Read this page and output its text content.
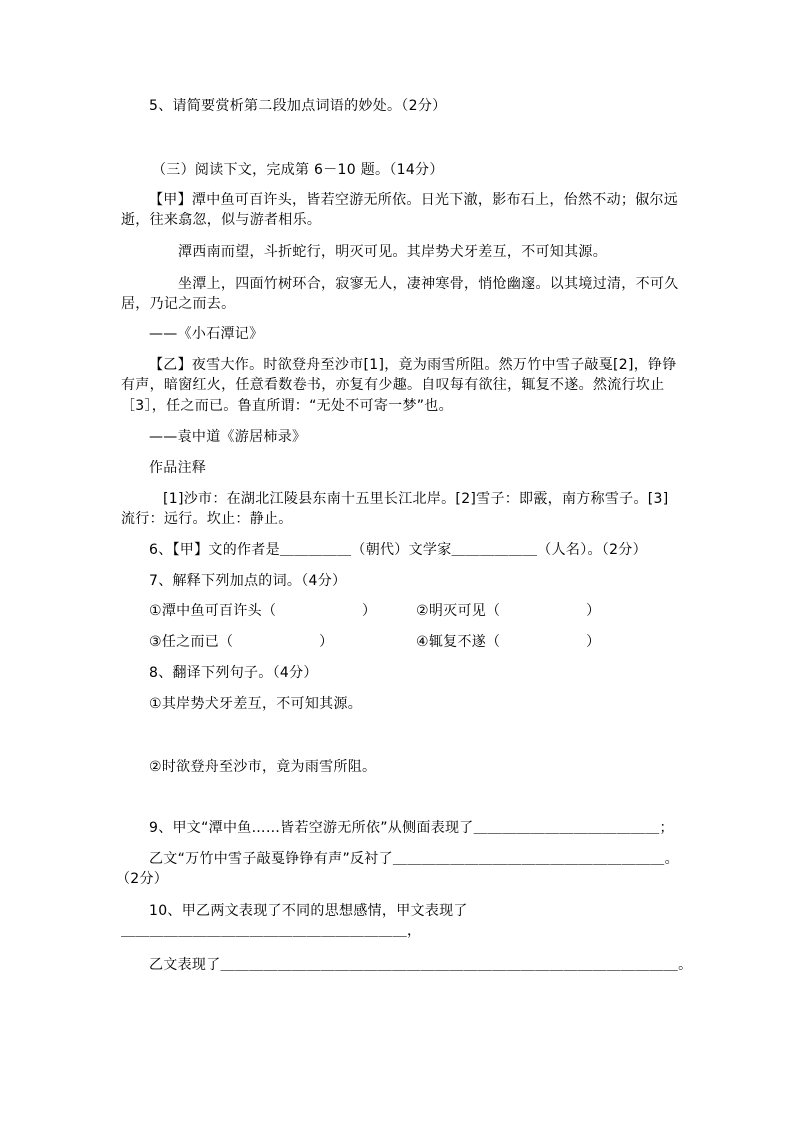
5、请简要赏析第二段加点词语的妙处。（2分）
（三）阅读下文，完成第 6－10 题。（14分）
【甲】潭中鱼可百许头，皆若空游无所依。日光下澈，影布石上，佁然不动；俶尔远
逝，往来翕忽，似与游者相乐。
潭西南而望，斗折蛇行，明灭可见。其岸势犬牙差互，不可知其源。
坐潭上，四面竹树环合，寂寥无人，凄神寒骨，悄怆幽邃。以其境过清，不可久
居，乃记之而去。
——《小石潭记》
【乙】夜雪大作。时欲登舟至沙市[1]，竟为雨雪所阻。然万竹中雪子敲戛[2]，铮铮
有声，暗窗红火，任意看数卷书，亦复有少趣。自叹每有欲往，辄复不遂。然流行坎止
［3］，任之而已。鲁直所谓：“无处不可寄一梦”也。
——袁中道《游居柿录》
作品注释
[1]沙市：在湖北江陵县东南十五里长江北岸。[2]雪子：即霰，南方称雪子。[3]
流行：远行。坎止：静止。
6、【甲】文的作者是＿＿＿＿＿（朝代）文学家＿＿＿＿＿＿（人名）。（2分）
7、解释下列加点的词。（4分）
①潭中鱼可百许头（　　　　　　）	②明灭可见（　　　　　　）
③任之而已（　　　　　　）	④辄复不遂（　　　　　　）
8、翻译下列句子。（4分）
①其岸势犬牙差互，不可知其源。
②时欲登舟至沙市，竟为雨雪所阻。
9、甲文“潭中鱼……皆若空游无所依”从侧面表现了＿＿＿＿＿＿＿＿＿＿＿＿＿；
乙文“万竹中雪子敲戛铮铮有声”反衬了＿＿＿＿＿＿＿＿＿＿＿＿＿＿＿＿＿＿＿。
（2分）
10、甲乙两文表现了不同的思想感情，甲文表现了
＿＿＿＿＿＿＿＿＿＿＿＿＿＿＿＿＿＿＿＿，
乙文表现了＿＿＿＿＿＿＿＿＿＿＿＿＿＿＿＿＿＿＿＿＿＿＿＿＿＿＿＿＿＿＿＿。
